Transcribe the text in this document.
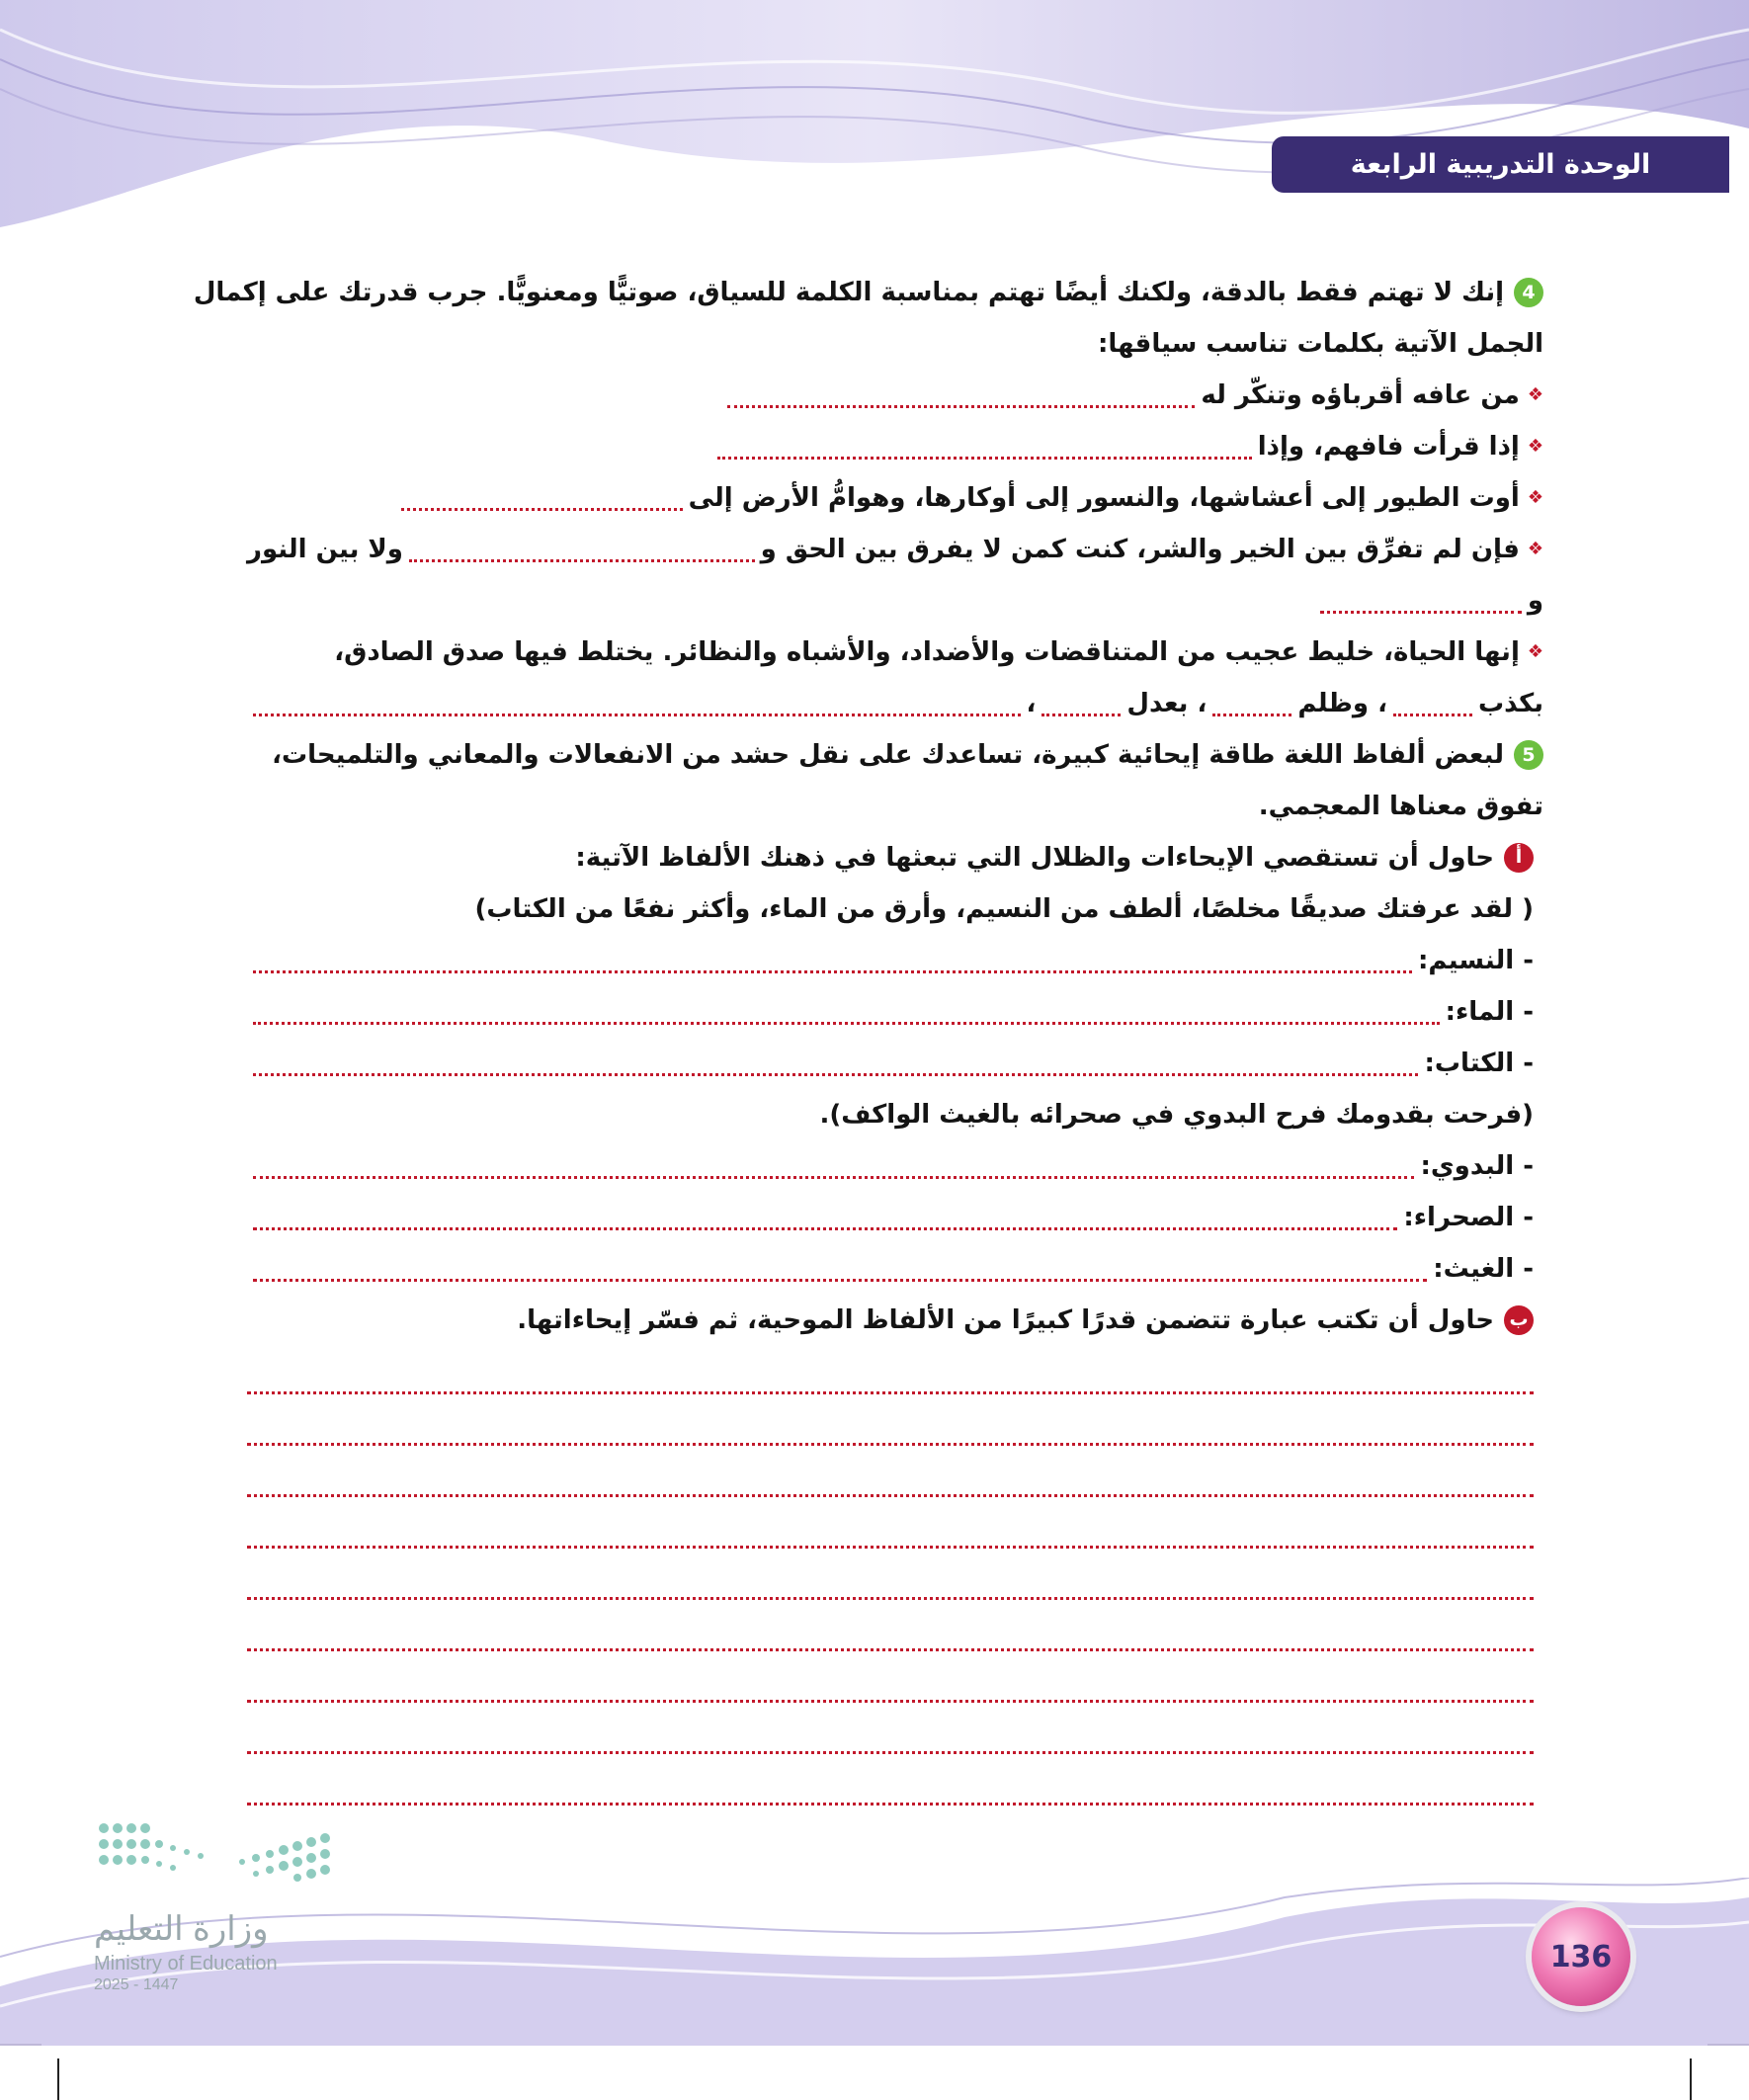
الوحدة التدريبية الرابعة
4
إنك لا تهتم فقط بالدقة، ولكنك أيضًا تهتم بمناسبة الكلمة للسياق، صوتيًّا ومعنويًّا. جرب قدرتك على إكمال
الجمل الآتية بكلمات تناسب سياقها:
❖
من عافه أقرباؤه وتنكّر له
❖
إذا قرأت فافهم، وإذا
❖
أوت الطيور إلى أعشاشها، والنسور إلى أوكارها، وهوامُّ الأرض إلى
❖
فإن لم تفرِّق بين الخير والشر، كنت كمن لا يفرق بين الحق و
ولا بين النور
و
❖
إنها الحياة، خليط عجيب من المتناقضات والأضداد، والأشباه والنظائر. يختلط فيها صدق الصادق،
بكذب
، وظلم
، بعدل
،
5
لبعض ألفاظ اللغة طاقة إيحائية كبيرة، تساعدك على نقل حشد من الانفعالات والمعاني والتلميحات،
تفوق معناها المعجمي.
أ
حاول أن تستقصي الإيحاءات والظلال التي تبعثها في ذهنك الألفاظ الآتية:
( لقد عرفتك صديقًا مخلصًا، ألطف من النسيم، وأرق من الماء، وأكثر نفعًا من الكتاب)
- النسيم:
- الماء:
- الكتاب:
(فرحت بقدومك فرح البدوي في صحرائه بالغيث الواكف).
- البدوي:
- الصحراء:
- الغيث:
ب
حاول أن تكتب عبارة تتضمن قدرًا كبيرًا من الألفاظ الموحية، ثم فسّر إيحاءاتها.
وزارة التعليم
Ministry of Education
2025 - 1447
136
